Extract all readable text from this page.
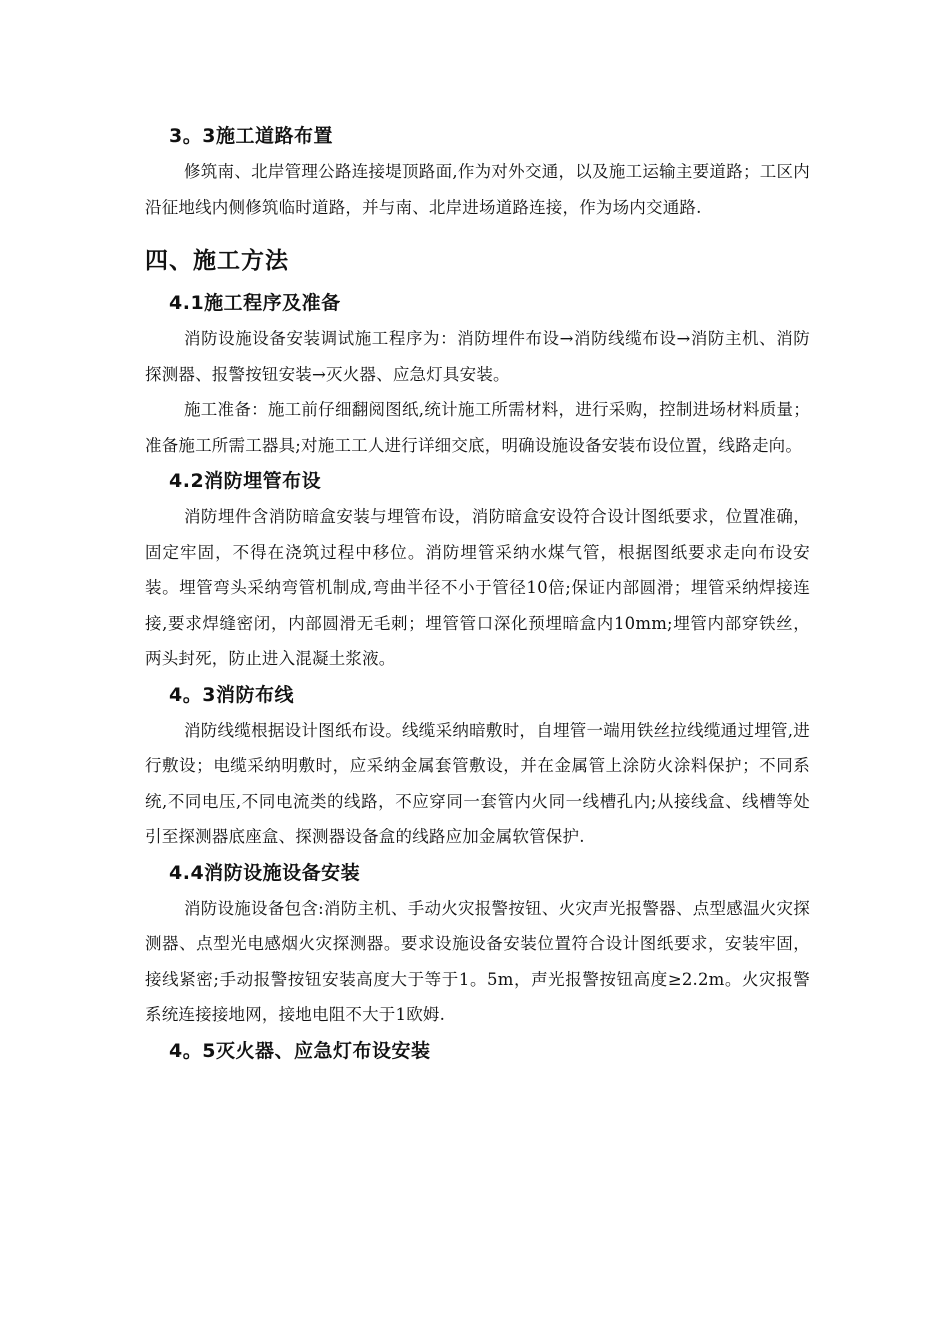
3。3施工道路布置

修筑南、北岸管理公路连接堤顶路面,作为对外交通，以及施工运输主要道路；工区内沿征地线内侧修筑临时道路，并与南、北岸进场道路连接，作为场内交通路.

四、施工方法
4.1施工程序及准备

消防设施设备安装调试施工程序为：消防埋件布设→消防线缆布设→消防主机、消防探测器、报警按钮安装→灭火器、应急灯具安装。

施工准备：施工前仔细翻阅图纸,统计施工所需材料，进行采购，控制进场材料质量；准备施工所需工器具;对施工工人进行详细交底，明确设施设备安装布设位置，线路走向。

4.2消防埋管布设

消防埋件含消防暗盒安装与埋管布设，消防暗盒安设符合设计图纸要求，位置准确，固定牢固，不得在浇筑过程中移位。消防埋管采纳水煤气管，根据图纸要求走向布设安装。埋管弯头采纳弯管机制成,弯曲半径不小于管径10倍;保证内部圆滑；埋管采纳焊接连接,要求焊缝密闭，内部圆滑无毛刺；埋管管口深化预埋暗盒内10mm;埋管内部穿铁丝，两头封死，防止进入混凝土浆液。

4。3消防布线

消防线缆根据设计图纸布设。线缆采纳暗敷时，自埋管一端用铁丝拉线缆通过埋管,进行敷设；电缆采纳明敷时，应采纳金属套管敷设，并在金属管上涂防火涂料保护；不同系统,不同电压,不同电流类的线路，不应穿同一套管内火同一线槽孔内;从接线盒、线槽等处引至探测器底座盒、探测器设备盒的线路应加金属软管保护.

4.4消防设施设备安装

消防设施设备包含:消防主机、手动火灾报警按钮、火灾声光报警器、点型感温火灾探测器、点型光电感烟火灾探测器。要求设施设备安装位置符合设计图纸要求，安装牢固，接线紧密;手动报警按钮安装高度大于等于1。5m，声光报警按钮高度≥2.2m。火灾报警系统连接接地网，接地电阻不大于1欧姆.

4。5灭火器、应急灯布设安装
